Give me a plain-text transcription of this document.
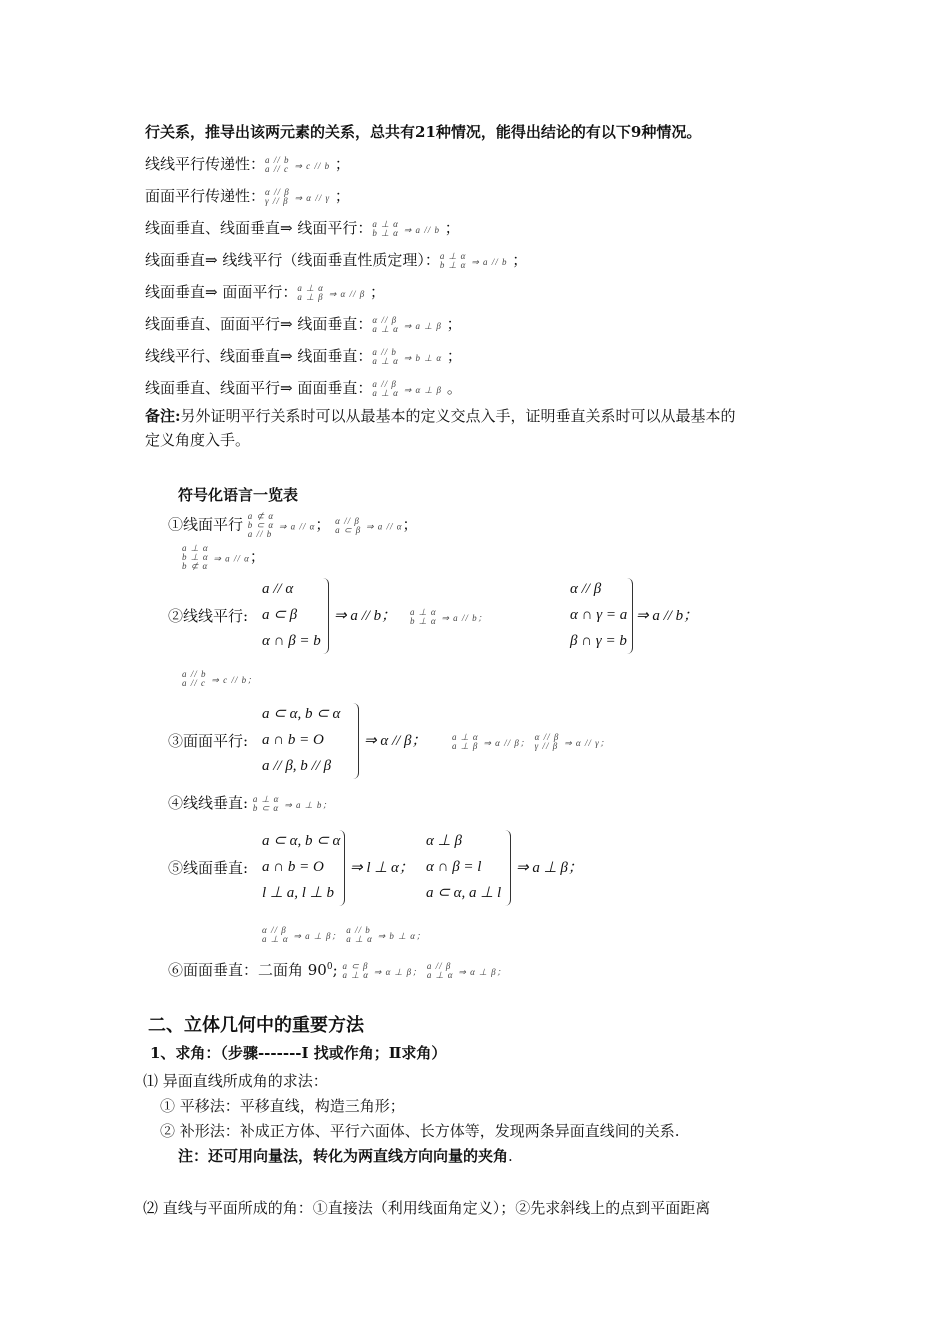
行关系，推导出该两元素的关系，总共有21种情况，能得出结论的有以下9种情况。
线线平行传递性：a // b
a // c ⇒ c // b ；
面面平行传递性：α // β
γ // β ⇒ α // γ ；
线面垂直、线面垂直⇒ 线面平行：a ⊥ α
b ⊥ α ⇒ a // b ；
线面垂直⇒ 线线平行（线面垂直性质定理）：a ⊥ α
b ⊥ α ⇒ a // b ；
线面垂直⇒ 面面平行：a ⊥ α
a ⊥ β ⇒ α // β ；
线面垂直、面面平行⇒ 线面垂直：α // β
a ⊥ α ⇒ a ⊥ β ；
线线平行、线面垂直⇒ 线面垂直：a // b
a ⊥ α ⇒ b ⊥ α ；
线面垂直、线面平行⇒ 面面垂直：a // β
a ⊥ α ⇒ α ⊥ β 。
备注:另外证明平行关系时可以从最基本的定义交点入手，证明垂直关系时可以从最基本的
定义角度入手。
符号化语言一览表
①线面平行 a ⊄ α
b ⊂ α
a // b ⇒ a // α； α // β
a ⊂ β ⇒ a // α；
a ⊥ α
b ⊥ α
b ⊄ α ⇒ a // α；
②线线平行:
a // α
a ⊂ β
α ∩ β = b
⇒ a // b； a ⊥ α
b ⊥ α ⇒ a // b；
α // β
α ∩ γ = a
β ∩ γ = b
⇒ a // b；
a // b
a // c ⇒ c // b；
③面面平行:
a ⊂ α, b ⊂ α
a ∩ b = O
a // β, b // β
⇒ α // β；	a ⊥ α
a ⊥ β ⇒ α // β； α // β
γ // β ⇒ α // γ；
④线线垂直: a ⊥ α
b ⊂ α ⇒ a ⊥ b；
⑤线面垂直:
a ⊂ α, b ⊂ α
a ∩ b = O
l ⊥ a, l ⊥ b
⇒ l ⊥ α；
α ⊥ β
α ∩ β = l
a ⊂ α, a ⊥ l
⇒ a ⊥ β；
α // β
a ⊥ α ⇒ a ⊥ β； a // b
a ⊥ α ⇒ b ⊥ α；
⑥面面垂直：二面角 $90^0$; a ⊂ β
a ⊥ α ⇒ α ⊥ β； a // β
a ⊥ α ⇒ α ⊥ β；
二、立体几何中的重要方法
1、求角：（步骤-------Ⅰ 找或作角；Ⅱ求角）
⑴ 异面直线所成角的求法：
① 平移法：平移直线，构造三角形；
② 补形法：补成正方体、平行六面体、长方体等，发现两条异面直线间的关系.
注：还可用向量法，转化为两直线方向向量的夹角.
⑵ 直线与平面所成的角：①直接法（利用线面角定义）；②先求斜线上的点到平面距离
